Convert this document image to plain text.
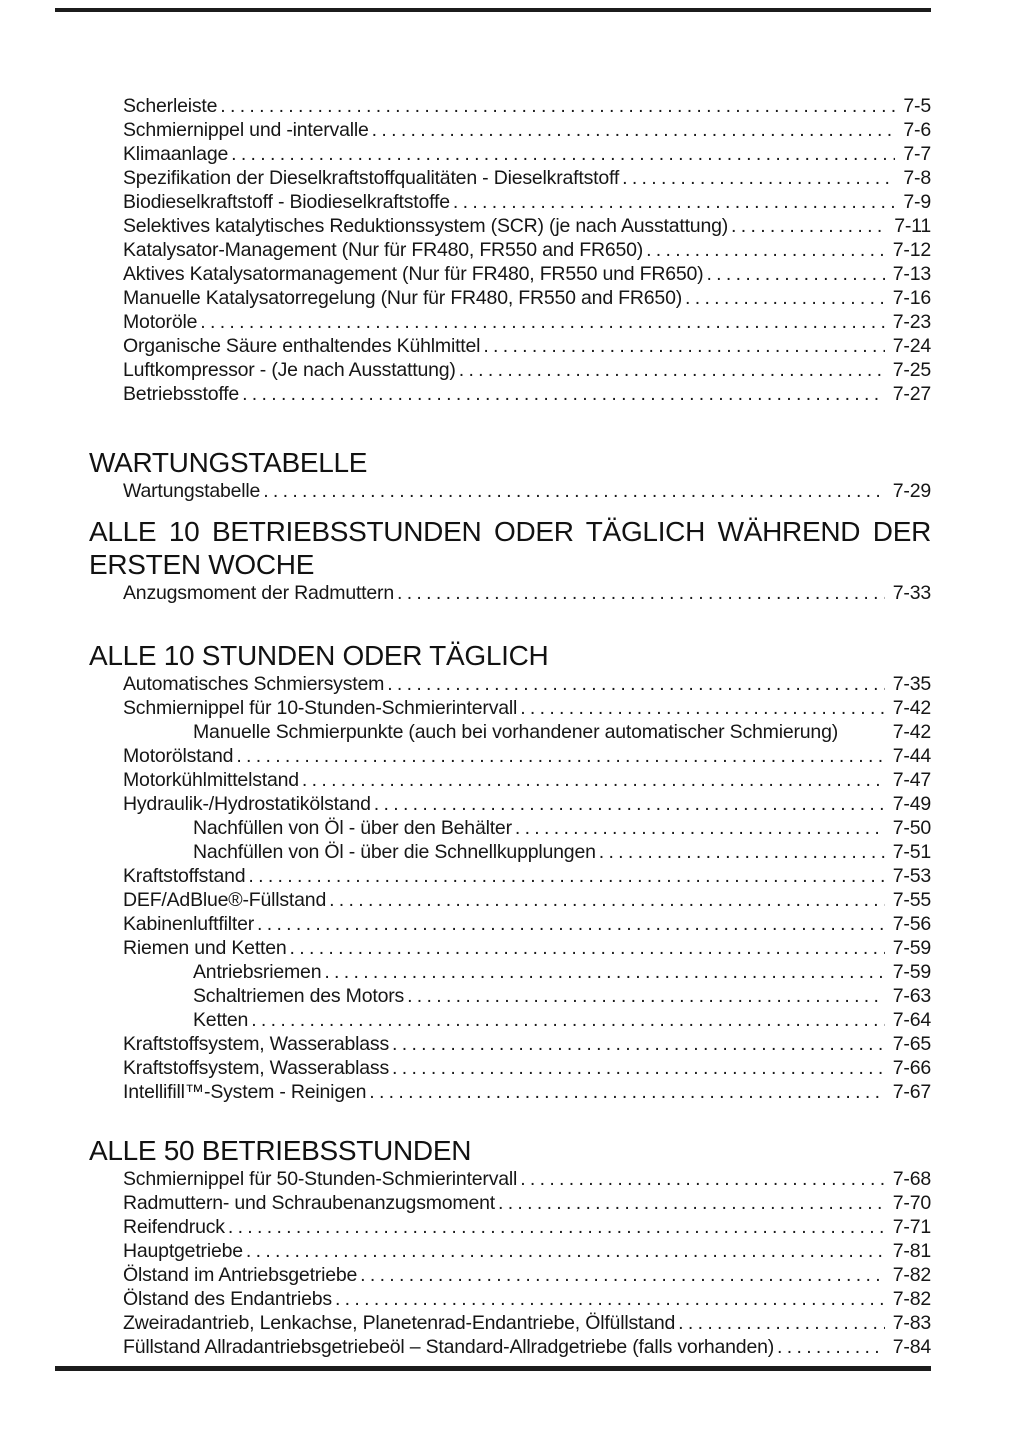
Scherleiste .....	7-5
Schmiernippel und -intervalle .....	7-6
Klimaanlage .....	7-7
Spezifikation der Dieselkraftstoffqualitäten - Dieselkraftstoff .....	7-8
Biodieselkraftstoff - Biodieselkraftstoffe .....	7-9
Selektives katalytisches Reduktionssystem (SCR) (je nach Ausstattung) .....	7-11
Katalysator-Management (Nur für FR480, FR550 and FR650) .....	7-12
Aktives Katalysatormanagement (Nur für FR480, FR550 und FR650) .....	7-13
Manuelle Katalysatorregelung (Nur für FR480, FR550 and FR650) .....	7-16
Motoröle .....	7-23
Organische Säure enthaltendes Kühlmittel .....	7-24
Luftkompressor - (Je nach Ausstattung) .....	7-25
Betriebsstoffe .....	7-27
WARTUNGSTABELLE
Wartungstabelle .....	7-29
ALLE 10 BETRIEBSSTUNDEN ODER TÄGLICH WÄHREND DER
ERSTEN WOCHE
Anzugsmoment der Radmuttern .....	7-33
ALLE 10 STUNDEN ODER TÄGLICH
Automatisches Schmiersystem .....	7-35
Schmiernippel für 10-Stunden-Schmierintervall .....	7-42
Manuelle Schmierpunkte (auch bei vorhandener automatischer Schmierung)	7-42
Motorölstand .....	7-44
Motorkühlmittelstand .....	7-47
Hydraulik-/Hydrostatikölstand .....	7-49
Nachfüllen von Öl - über den Behälter .....	7-50
Nachfüllen von Öl - über die Schnellkupplungen .....	7-51
Kraftstoffstand .....	7-53
DEF/AdBlue®-Füllstand .....	7-55
Kabinenluftfilter .....	7-56
Riemen und Ketten .....	7-59
Antriebsriemen .....	7-59
Schaltriemen des Motors .....	7-63
Ketten .....	7-64
Kraftstoffsystem, Wasserablass .....	7-65
Kraftstoffsystem, Wasserablass .....	7-66
Intellifill™-System - Reinigen .....	7-67
ALLE 50 BETRIEBSSTUNDEN
Schmiernippel für 50-Stunden-Schmierintervall .....	7-68
Radmuttern- und Schraubenanzugsmoment .....	7-70
Reifendruck .....	7-71
Hauptgetriebe .....	7-81
Ölstand im Antriebsgetriebe .....	7-82
Ölstand des Endantriebs .....	7-82
Zweiradantrieb, Lenkachse, Planetenrad-Endantriebe, Ölfüllstand .....	7-83
Füllstand Allradantriebsgetriebeöl – Standard-Allradgetriebe (falls vorhanden) .....	7-84
